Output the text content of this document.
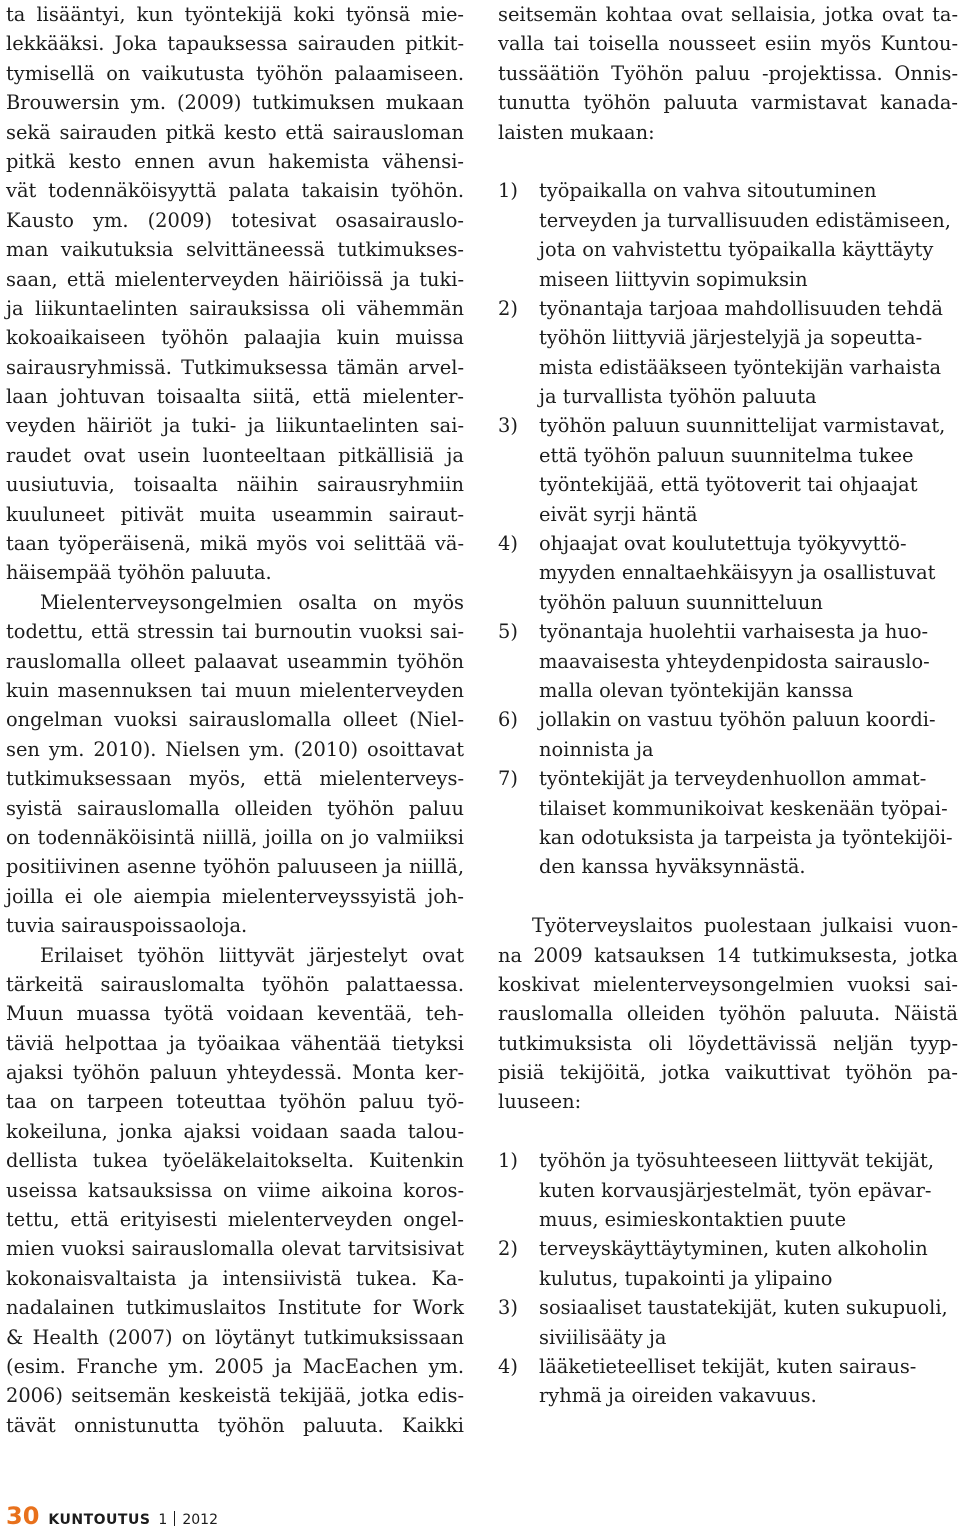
ta lisääntyi, kun työntekijä koki työnsä mie-
lekkääksi. Joka tapauksessa sairauden pitkit-
tymisellä on vaikutusta työhön palaamiseen.
Brouwersin ym. (2009) tutkimuksen mukaan
sekä sairauden pitkä kesto että sairausloman
pitkä kesto ennen avun hakemista vähensi-
vät todennäköisyyttä palata takaisin työhön.
Kausto ym. (2009) totesivat osasairauslo-
man vaikutuksia selvittäneessä tutkimukses-
saan, että mielenterveyden häiriöissä ja tuki-
ja liikuntaelinten sairauksissa oli vähemmän
kokoaikaiseen työhön palaajia kuin muissa
sairausryhmissä. Tutkimuksessa tämän arvel-
laan johtuvan toisaalta siitä, että mielenter-
veyden häiriöt ja tuki- ja liikuntaelinten sai-
raudet ovat usein luonteeltaan pitkällisiä ja
uusiutuvia, toisaalta näihin sairausryhmiin
kuuluneet pitivät muita useammin sairaut-
taan työperäisenä, mikä myös voi selittää vä-
häisempää työhön paluuta.
Mielenterveysongelmien osalta on myös
todettu, että stressin tai burnoutin vuoksi sai-
rauslomalla olleet palaavat useammin työhön
kuin masennuksen tai muun mielenterveyden
ongelman vuoksi sairauslomalla olleet (Niel-
sen ym. 2010). Nielsen ym. (2010) osoittavat
tutkimuksessaan myös, että mielenterveys-
syistä sairauslomalla olleiden työhön paluu
on todennäköisintä niillä, joilla on jo valmiiksi
positiivinen asenne työhön paluuseen ja niillä,
joilla ei ole aiempia mielenterveyssyistä joh-
tuvia sairauspoissaoloja.
Erilaiset työhön liittyvät järjestelyt ovat
tärkeitä sairauslomalta työhön palattaessa.
Muun muassa työtä voidaan keventää, teh-
täviä helpottaa ja työaikaa vähentää tietyksi
ajaksi työhön paluun yhteydessä. Monta ker-
taa on tarpeen toteuttaa työhön paluu työ-
kokeiluna, jonka ajaksi voidaan saada talou-
dellista tukea työeläkelaitokselta. Kuitenkin
useissa katsauksissa on viime aikoina koros-
tettu, että erityisesti mielenterveyden ongel-
mien vuoksi sairauslomalla olevat tarvitsisivat
kokonaisvaltaista ja intensiivistä tukea. Ka-
nadalainen tutkimuslaitos Institute for Work
& Health (2007) on löytänyt tutkimuksissaan
(esim. Franche ym. 2005 ja MacEachen ym.
2006) seitsemän keskeistä tekijää, jotka edis-
tävät onnistunutta työhön paluuta. Kaikki
seitsemän kohtaa ovat sellaisia, jotka ovat ta-
valla tai toisella nousseet esiin myös Kuntou-
tussäätiön Työhön paluu -projektissa. Onnis-
tunutta työhön paluuta varmistavat kanada-
laisten mukaan:
1) työpaikalla on vahva sitoutuminen
terveyden ja turvallisuuden edistämiseen,
jota on vahvistettu työpaikalla käyttäyty
miseen liittyvin sopimuksin
2) työnantaja tarjoaa mahdollisuuden tehdä
työhön liittyviä järjestelyjä ja sopeutta-
mista edistääkseen työntekijän varhaista
ja turvallista työhön paluuta
3) työhön paluun suunnittelijat varmistavat,
että työhön paluun suunnitelma tukee
työntekijää, että työtoverit tai ohjaajat
eivät syrji häntä
4) ohjaajat ovat koulutettuja työkyvyttö-
myyden ennaltaehkäisyyn ja osallistuvat
työhön paluun suunnitteluun
5) työnantaja huolehtii varhaisesta ja huo-
maavaisesta yhteydenpidosta sairauslo-
malla olevan työntekijän kanssa
6) jollakin on vastuu työhön paluun koordi-
noinnista ja
7) työntekijät ja terveydenhuollon ammat-
tilaiset kommunikoivat keskenään työpai-
kan odotuksista ja tarpeista ja työntekijöi-
den kanssa hyväksynnästä.
Työterveyslaitos puolestaan julkaisi vuon-
na 2009 katsauksen 14 tutkimuksesta, jotka
koskivat mielenterveysongelmien vuoksi sai-
rauslomalla olleiden työhön paluuta. Näistä
tutkimuksista oli löydettävissä neljän tyyp-
pisiä tekijöitä, jotka vaikuttivat työhön pa-
luuseen:
1) työhön ja työsuhteeseen liittyvät tekijät,
kuten korvausjärjestelmät, työn epävar-
muus, esimieskontaktien puute
2) terveyskäyttäytyminen, kuten alkoholin
kulutus, tupakointi ja ylipaino
3) sosiaaliset taustatekijät, kuten sukupuoli,
siviilisääty ja
4) lääketieteelliset tekijät, kuten sairaus-
ryhmä ja oireiden vakavuus.
30 KUNTOUTUS 1 2012
